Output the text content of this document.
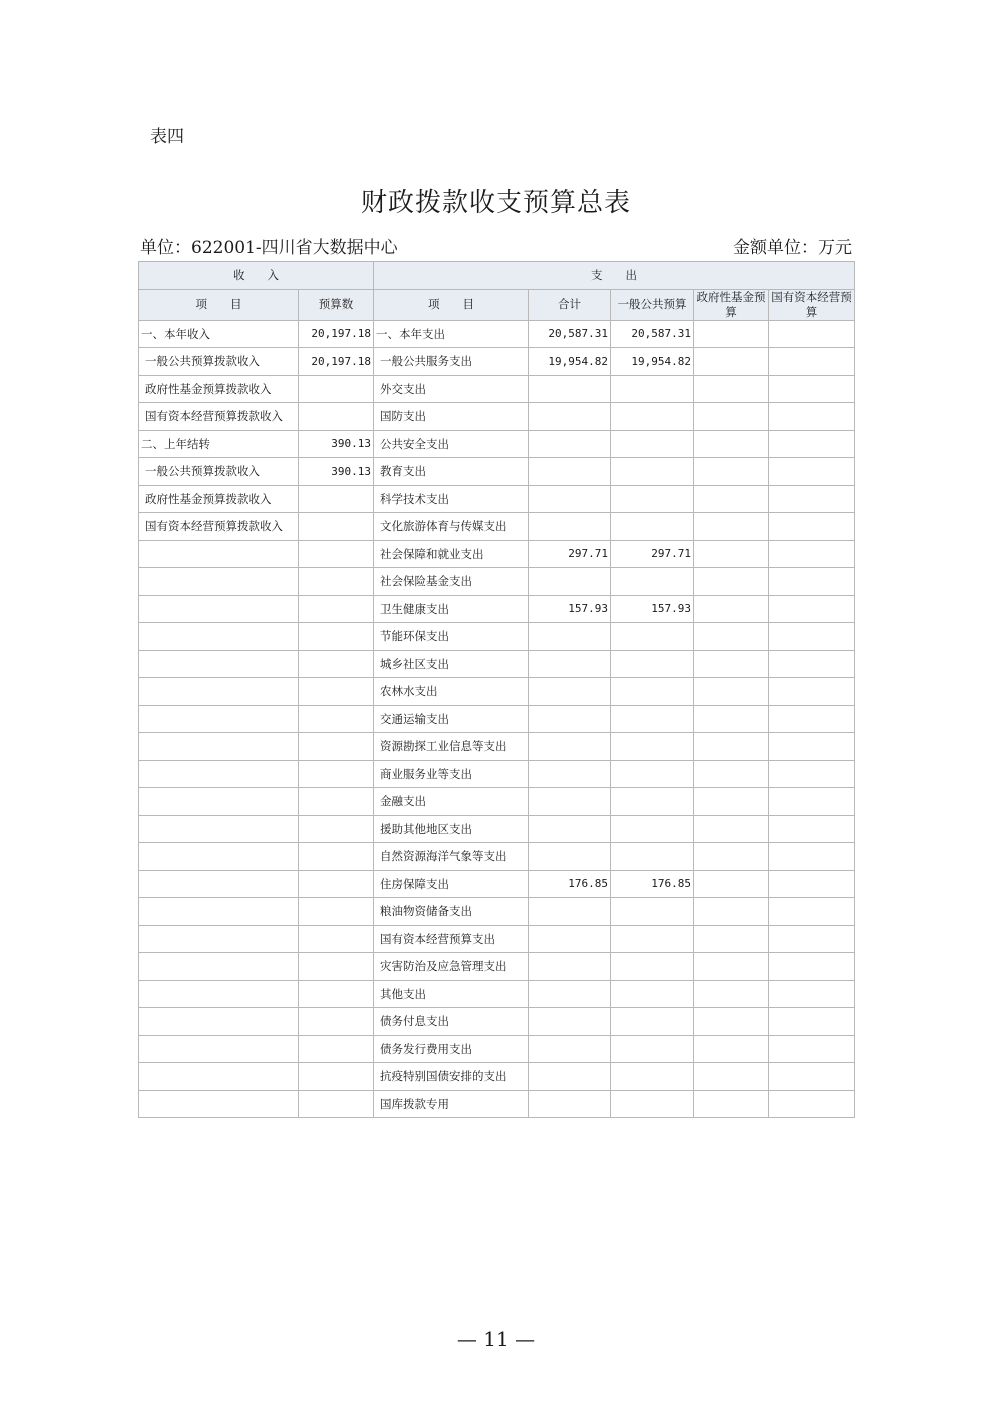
表四
财政拨款收支预算总表
单位：622001-四川省大数据中心	金额单位：万元
收　　入		支　　出				
项　　目	预算数	项　　目	合计	一般公共预算	政府性基金预算	国有资本经营预算
一、本年收入	20,197.18	一、本年支出	20,587.31	20,587.31		
一般公共预算拨款收入	20,197.18	一般公共服务支出	19,954.82	19,954.82		
政府性基金预算拨款收入		外交支出				
国有资本经营预算拨款收入		国防支出				
二、上年结转	390.13	公共安全支出				
一般公共预算拨款收入	390.13	教育支出				
政府性基金预算拨款收入		科学技术支出				
国有资本经营预算拨款收入		文化旅游体育与传媒支出				
		社会保障和就业支出	297.71	297.71		
		社会保险基金支出				
		卫生健康支出	157.93	157.93		
		节能环保支出				
		城乡社区支出				
		农林水支出				
		交通运输支出				
		资源勘探工业信息等支出				
		商业服务业等支出				
		金融支出				
		援助其他地区支出				
		自然资源海洋气象等支出				
		住房保障支出	176.85	176.85		
		粮油物资储备支出				
		国有资本经营预算支出				
		灾害防治及应急管理支出				
		其他支出				
		债务付息支出				
		债务发行费用支出				
		抗疫特别国债安排的支出				
		国库拨款专用				
— 11 —
